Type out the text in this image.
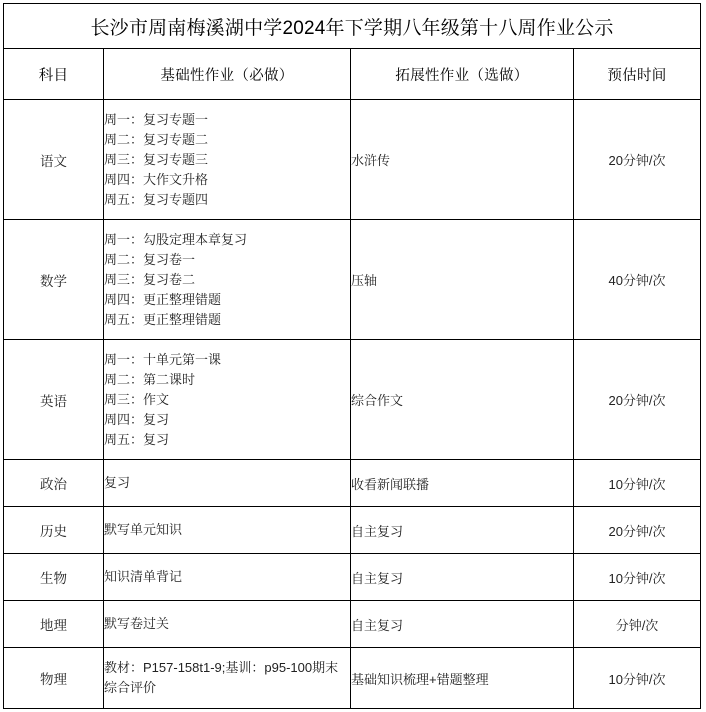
长沙市周南梅溪湖中学2024年下学期八年级第十八周作业公示			
科目	基础性作业（必做）	拓展性作业（选做）	预估时间
语文	周一：复习专题一
周二：复习专题二
周三：复习专题三
周四：大作文升格
周五：复习专题四	水浒传	20分钟/次
数学	周一：勾股定理本章复习
周二：复习卷一
周三：复习卷二
周四：更正整理错题
周五：更正整理错题	压轴	40分钟/次
英语	周一：十单元第一课
周二：第二课时
周三：作文
周四：复习
周五：复习	综合作文	20分钟/次
政治	复习	收看新闻联播	10分钟/次
历史	默写单元知识	自主复习	20分钟/次
生物	知识清单背记	自主复习	10分钟/次
地理	默写卷过关	自主复习	分钟/次
物理	教材：P157-158t1-9;基训：p95-100期末综合评价	基础知识梳理+错题整理	10分钟/次
